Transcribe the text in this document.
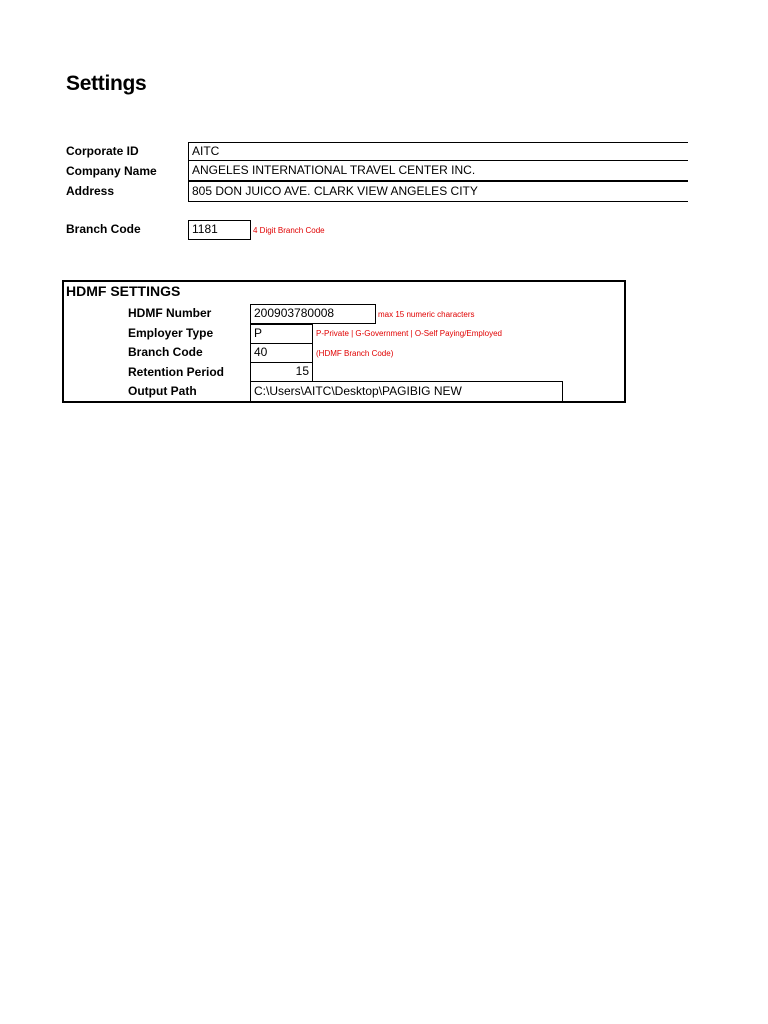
Settings
Corporate ID	AITC
Company Name	ANGELES INTERNATIONAL TRAVEL CENTER INC.
Address	805 DON JUICO AVE. CLARK VIEW ANGELES CITY
Branch Code	1181	4 Digit Branch Code
HDMF SETTINGS
HDMF Number	200903780008	max 15 numeric characters
Employer Type	P	P-Private | G-Government | O-Self Paying/Employed
Branch Code	40	(HDMF Branch Code)
Retention Period	15
Output Path	C:\Users\AITC\Desktop\PAGIBIG NEW
